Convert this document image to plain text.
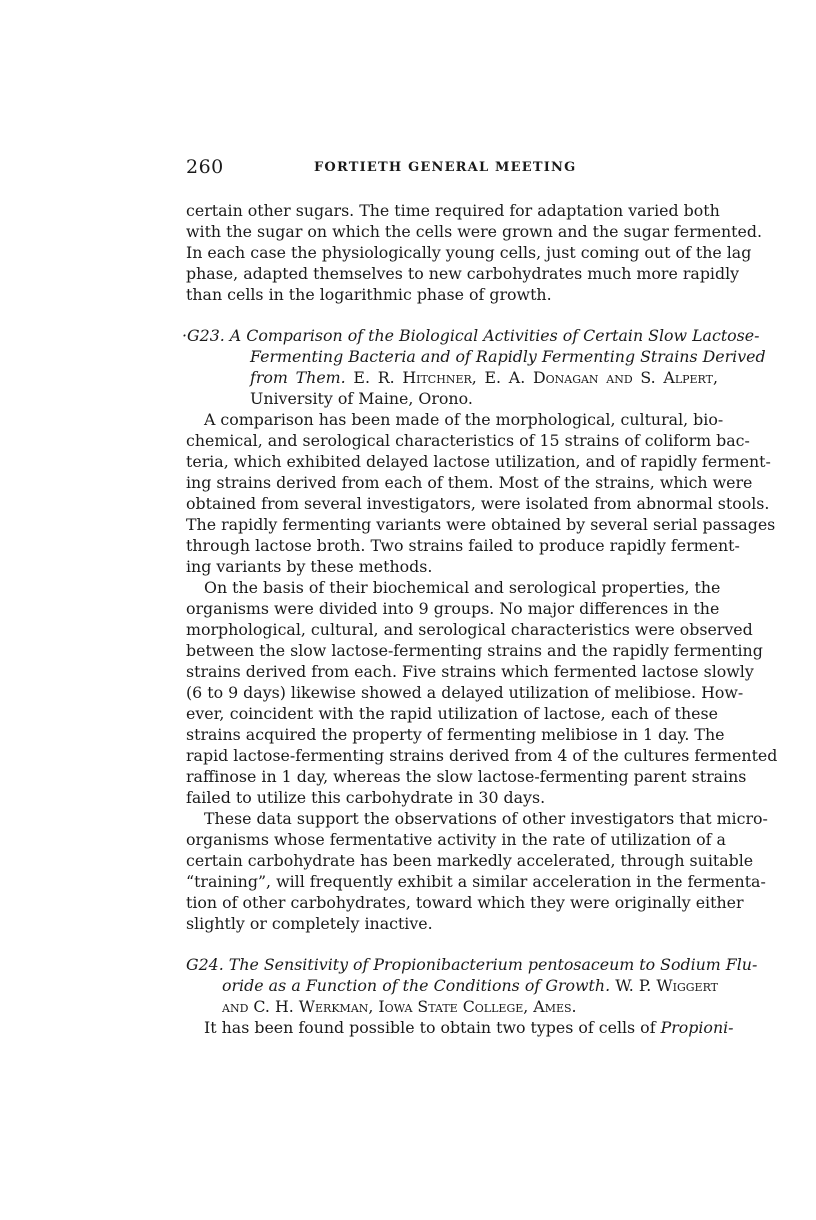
260	FORTIETH GENERAL MEETING
certain other sugars. The time required for adaptation varied both
with the sugar on which the cells were grown and the sugar fermented.
In each case the physiologically young cells, just coming out of the lag
phase, adapted themselves to new carbohydrates much more rapidly
than cells in the logarithmic phase of growth.
·G23. A Comparison of the Biological Activities of Certain Slow Lactose-
Fermenting Bacteria and of Rapidly Fermenting Strains Derived
from Them. E. R. Hitchner, E. A. Donagan and S. Alpert,
University of Maine, Orono.
A comparison has been made of the morphological, cultural, bio-
chemical, and serological characteristics of 15 strains of coliform bac-
teria, which exhibited delayed lactose utilization, and of rapidly ferment-
ing strains derived from each of them. Most of the strains, which were
obtained from several investigators, were isolated from abnormal stools.
The rapidly fermenting variants were obtained by several serial passages
through lactose broth. Two strains failed to produce rapidly ferment-
ing variants by these methods.
On the basis of their biochemical and serological properties, the
organisms were divided into 9 groups. No major differences in the
morphological, cultural, and serological characteristics were observed
between the slow lactose-fermenting strains and the rapidly fermenting
strains derived from each. Five strains which fermented lactose slowly
(6 to 9 days) likewise showed a delayed utilization of melibiose. How-
ever, coincident with the rapid utilization of lactose, each of these
strains acquired the property of fermenting melibiose in 1 day. The
rapid lactose-fermenting strains derived from 4 of the cultures fermented
raffinose in 1 day, whereas the slow lactose-fermenting parent strains
failed to utilize this carbohydrate in 30 days.
These data support the observations of other investigators that micro-
organisms whose fermentative activity in the rate of utilization of a
certain carbohydrate has been markedly accelerated, through suitable
“training”, will frequently exhibit a similar acceleration in the fermenta-
tion of other carbohydrates, toward which they were originally either
slightly or completely inactive.
G24. The Sensitivity of Propionibacterium pentosaceum to Sodium Flu-
oride as a Function of the Conditions of Growth. W. P. Wiggert
and C. H. Werkman, Iowa State College, Ames.
It has been found possible to obtain two types of cells of Propioni-
